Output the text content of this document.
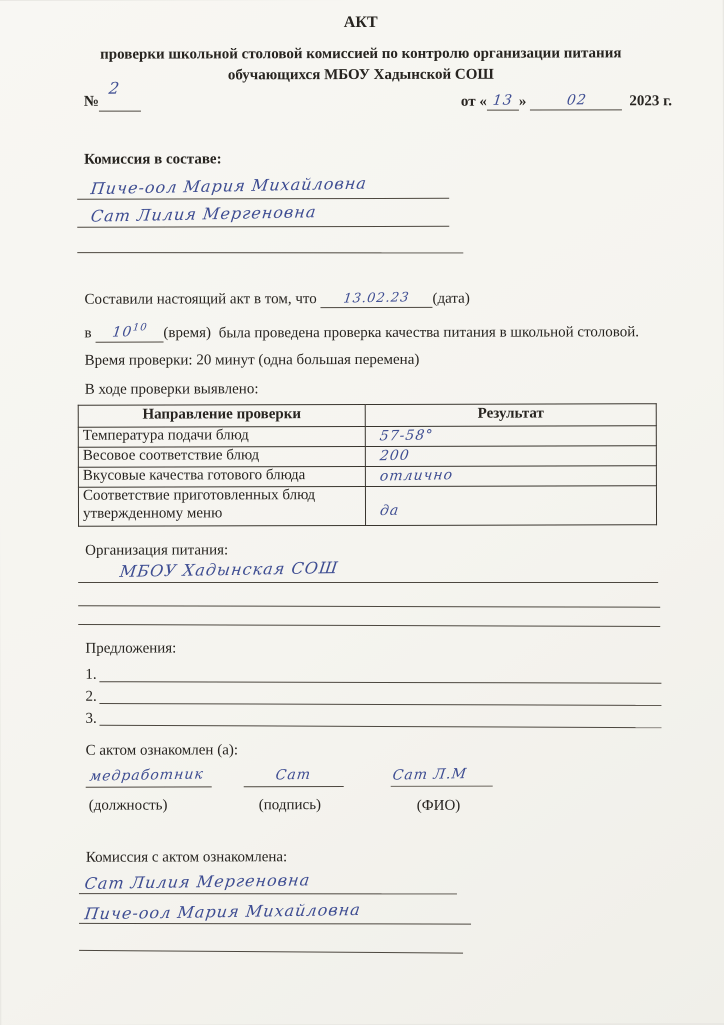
АКТ
проверки школьной столовой комиссией по контролю организации питания
обучающихся МБОУ Хадынской СОШ
№
2
от « 13 »	02	2023 г.
Комиссия в составе:
Пиче-оол Мария Михайловна
Сат Лилия Мергеновна
Составили настоящий акт в том, что 13.02.23 (дата)
в $10^{10}$ (время) была проведена проверка качества питания в школьной столовой.
Время проверки: 20 минут (одна большая перемена)
В ходе проверки выявлено:
Направление проверки	Результат
Температура подачи блюд	57-58°
Весовое соответствие блюд	200
Вкусовые качества готового блюда	отлично
Соответствие приготовленных блюд утвержденному меню	да
Организация питания:
МБОУ Хадынская СОШ
Предложения:
1.
2.
3.
С актом ознакомлен (а):
медработник	Сат	Сат Л.М
(должность)	(подпись)	(ФИО)
Комиссия с актом ознакомлена:
Сат Лилия Мергеновна
Пиче-оол Мария Михайловна
